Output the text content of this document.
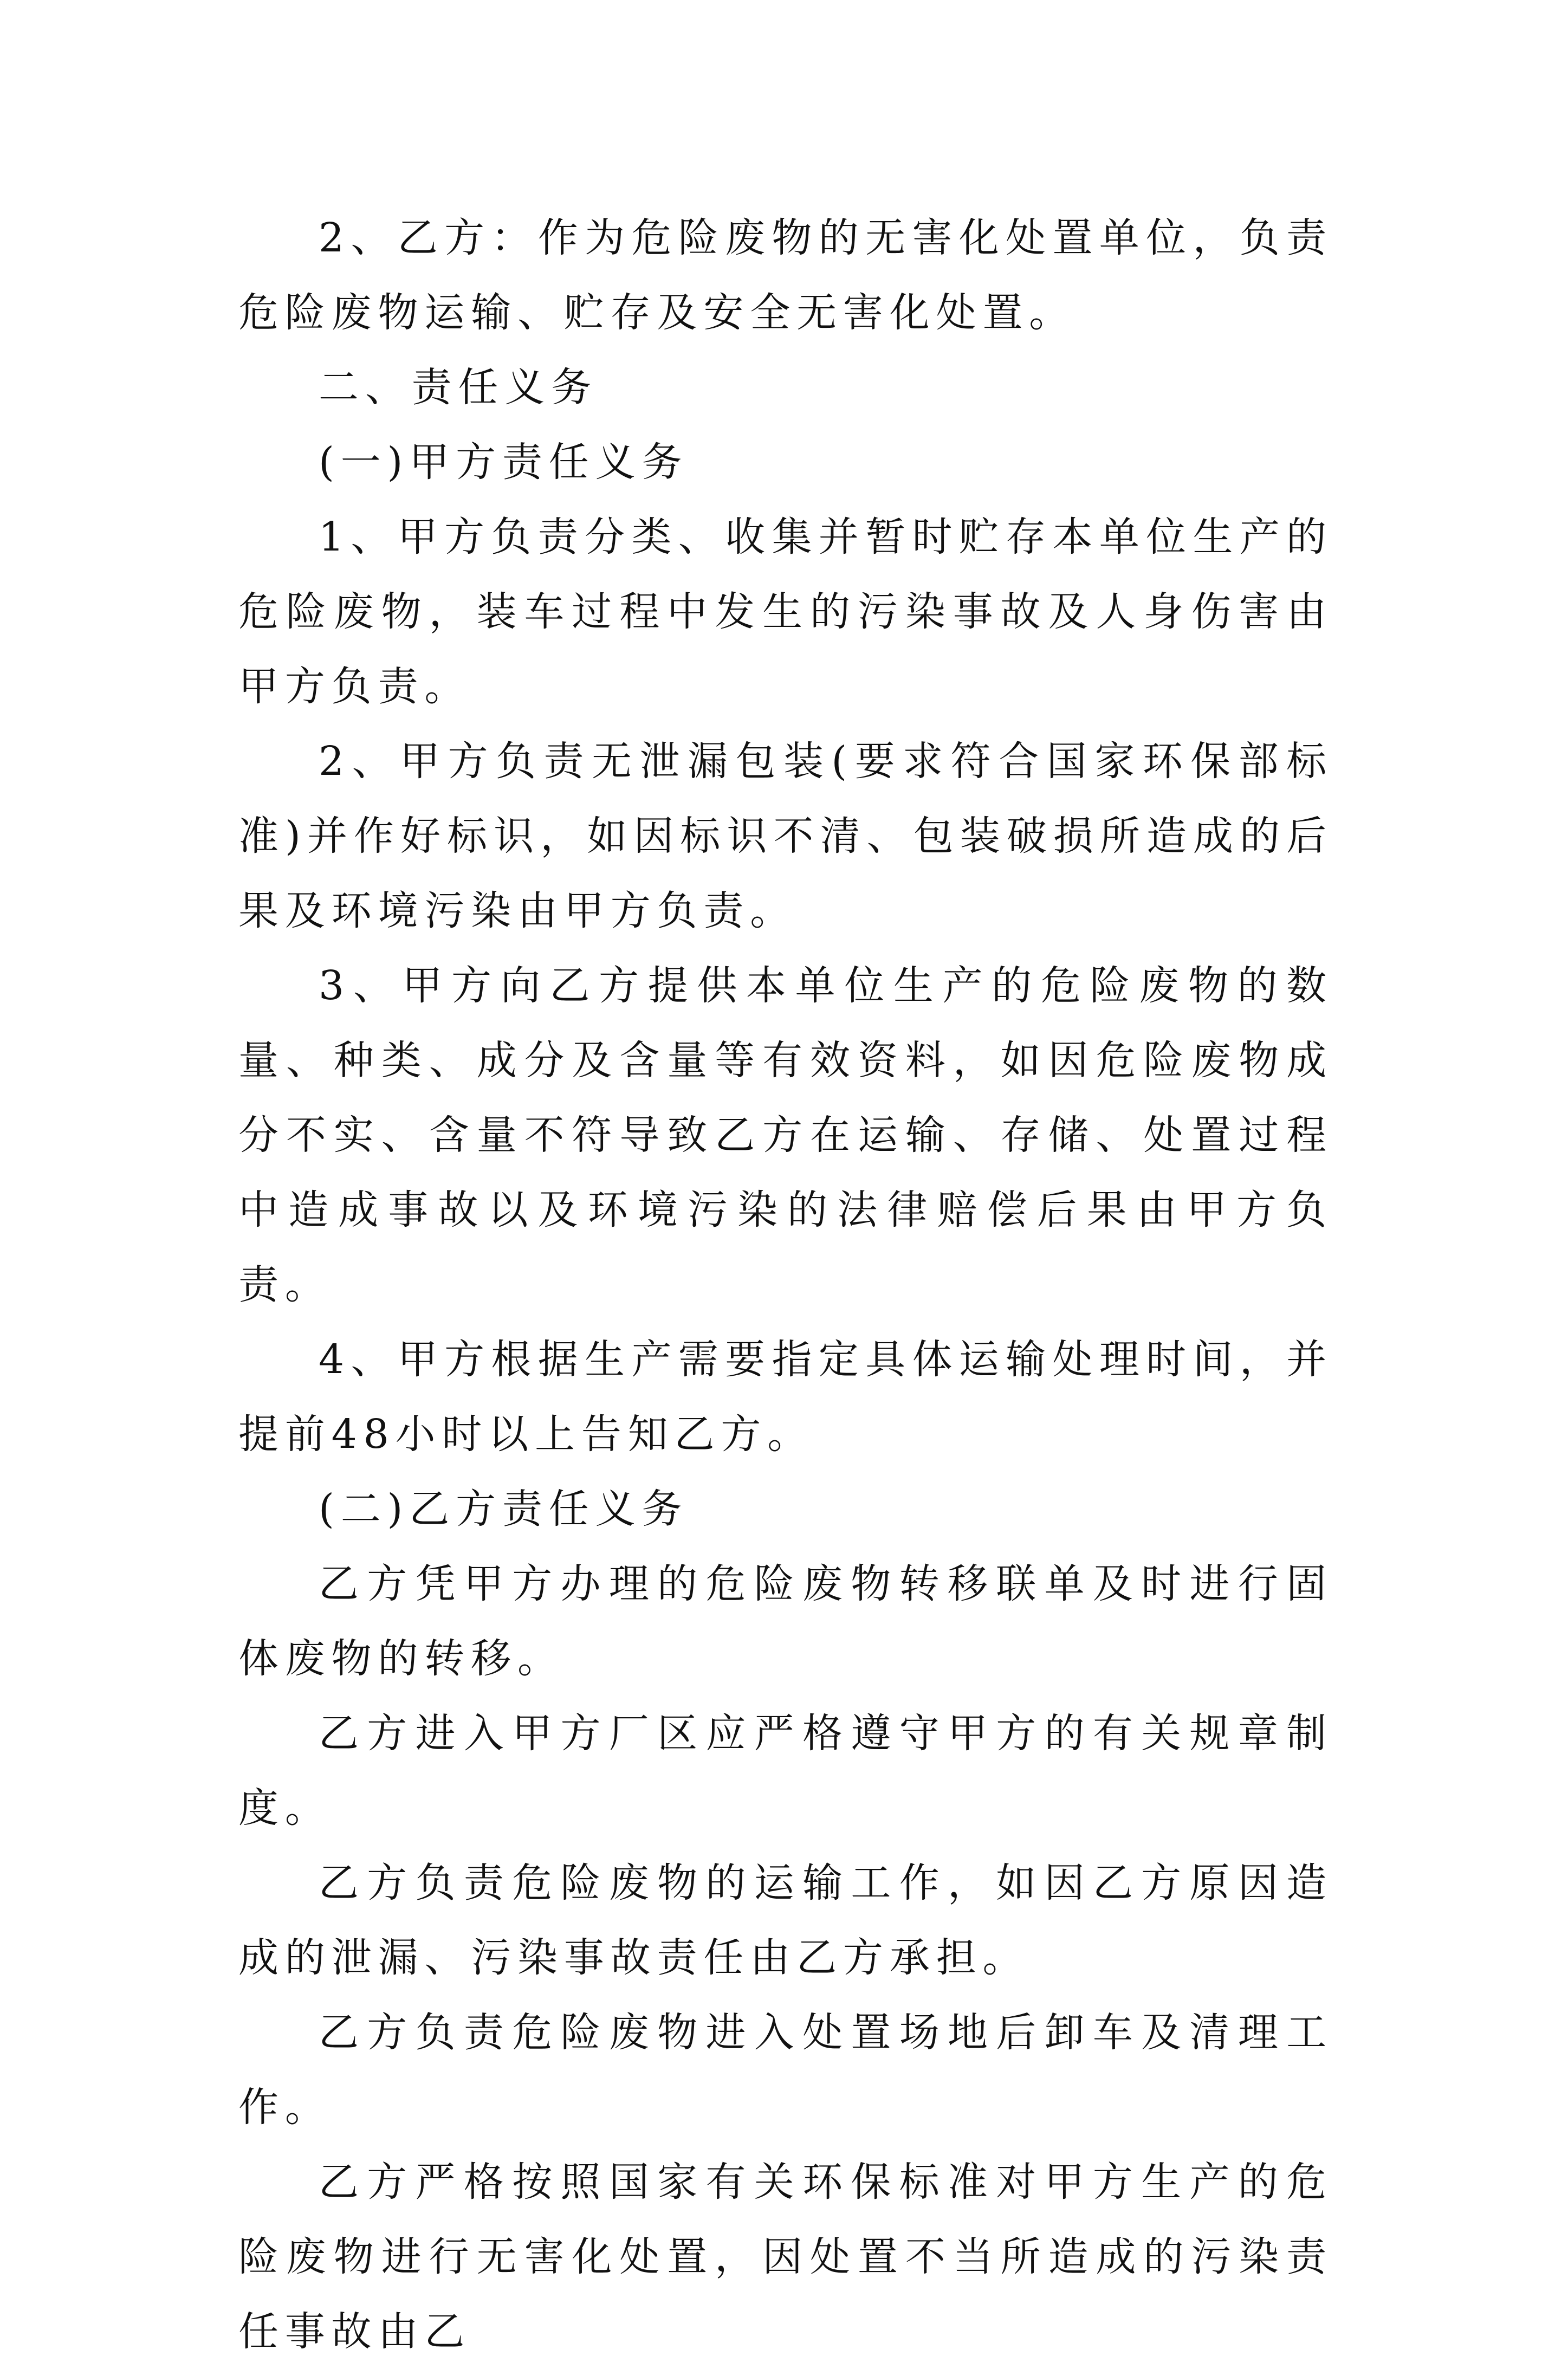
2、乙方：作为危险废物的无害化处置单位，负责危险废物运输、贮存及安全无害化处置。

二、责任义务

(一)甲方责任义务

1、甲方负责分类、收集并暂时贮存本单位生产的危险废物，装车过程中发生的污染事故及人身伤害由甲方负责。

2、甲方负责无泄漏包装(要求符合国家环保部标准)并作好标识，如因标识不清、包装破损所造成的后果及环境污染由甲方负责。

3、甲方向乙方提供本单位生产的危险废物的数量、种类、成分及含量等有效资料，如因危险废物成分不实、含量不符导致乙方在运输、存储、处置过程中造成事故以及环境污染的法律赔偿后果由甲方负责。

4、甲方根据生产需要指定具体运输处理时间，并提前48小时以上告知乙方。

(二)乙方责任义务

乙方凭甲方办理的危险废物转移联单及时进行固体废物的转移。

乙方进入甲方厂区应严格遵守甲方的有关规章制度。

乙方负责危险废物的运输工作，如因乙方原因造成的泄漏、污染事故责任由乙方承担。

乙方负责危险废物进入处置场地后卸车及清理工作。

乙方严格按照国家有关环保标准对甲方生产的危险废物进行无害化处置，因处置不当所造成的污染责任事故由乙
